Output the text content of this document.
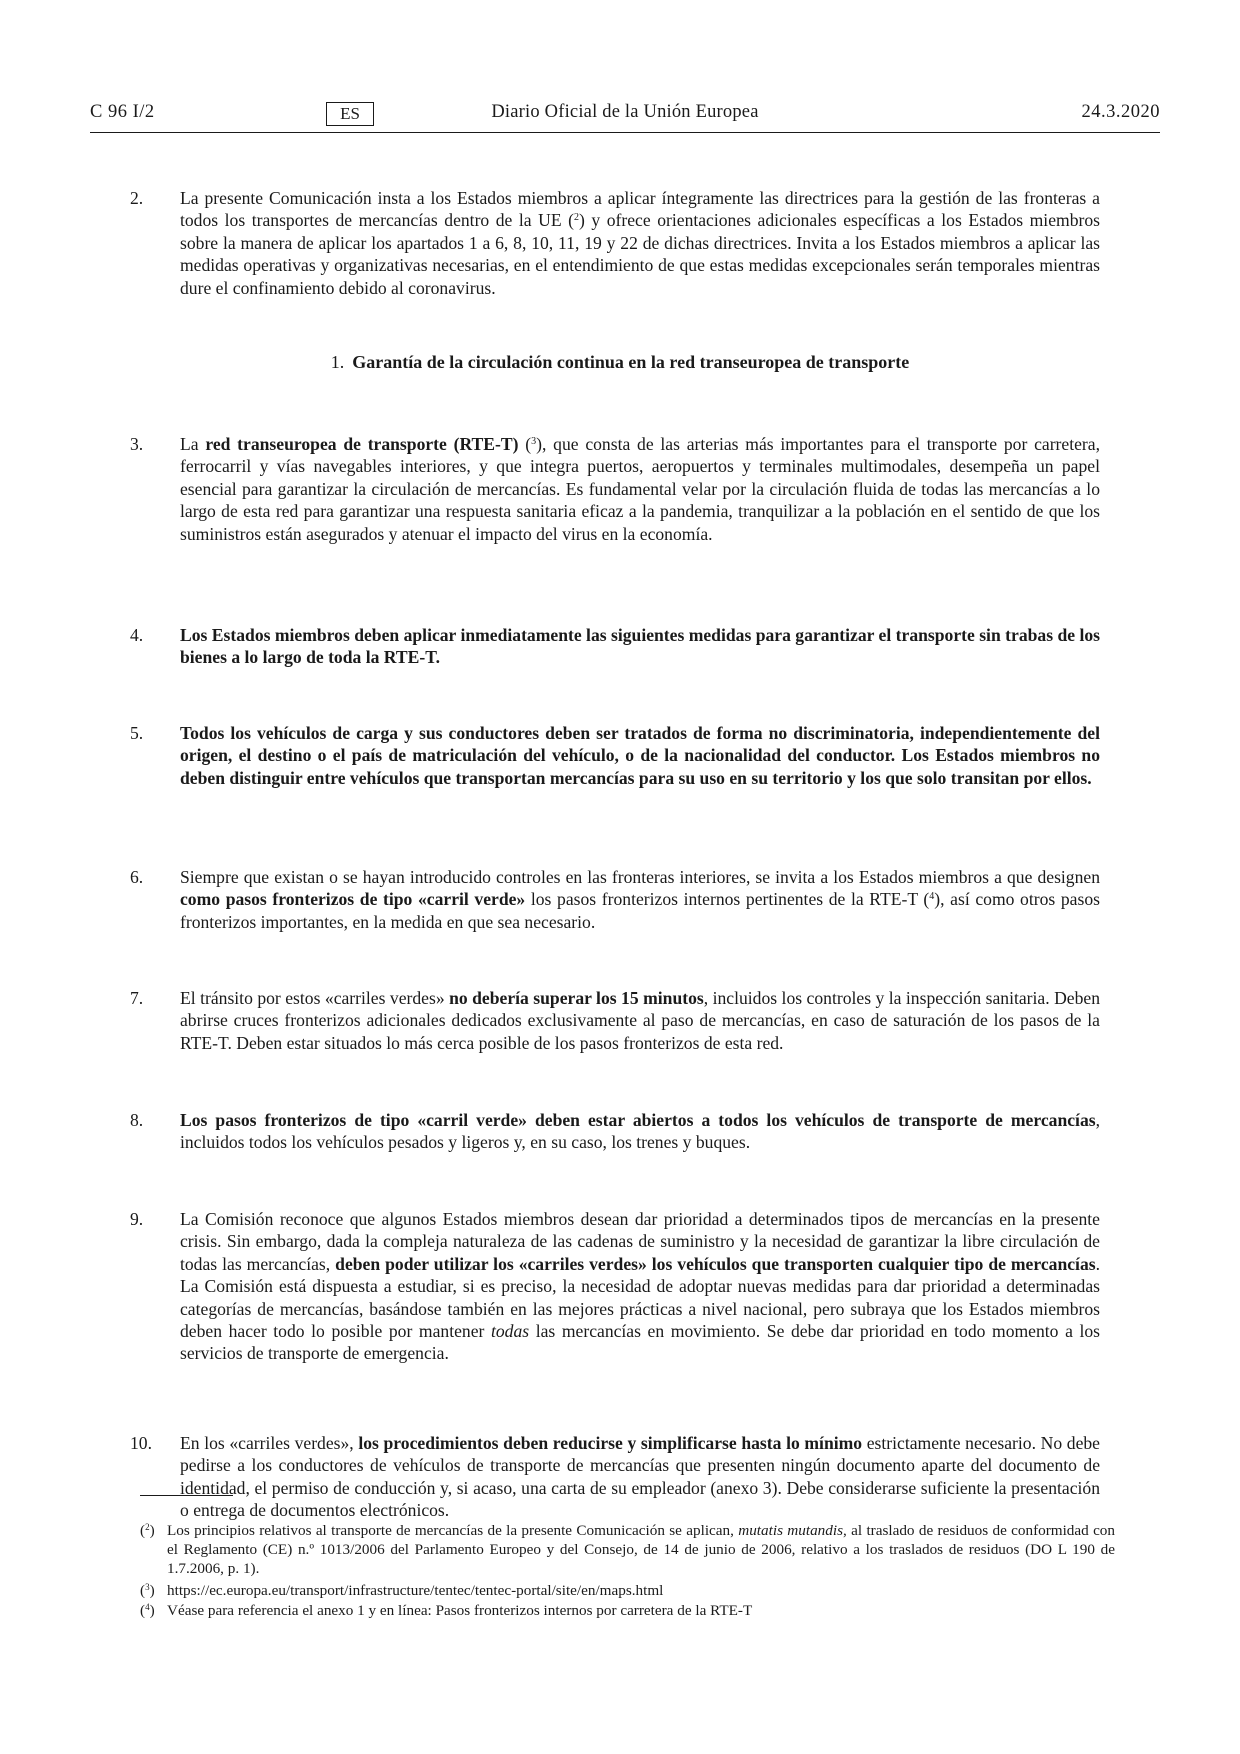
Diario Oficial de la Unión Europea
C 96 I/2	ES	24.3.2020
2.	La presente Comunicación insta a los Estados miembros a aplicar íntegramente las directrices para la gestión de las fronteras a todos los transportes de mercancías dentro de la UE ($^2$) y ofrece orientaciones adicionales específicas a los Estados miembros sobre la manera de aplicar los apartados 1 a 6, 8, 10, 11, 19 y 22 de dichas directrices. Invita a los Estados miembros a aplicar las medidas operativas y organizativas necesarias, en el entendimiento de que estas medidas excepcionales serán temporales mientras dure el confinamiento debido al coronavirus.
1. Garantía de la circulación continua en la red transeuropea de transporte
3.	La red transeuropea de transporte (RTE-T) ($^3$), que consta de las arterias más importantes para el transporte por carretera, ferrocarril y vías navegables interiores, y que integra puertos, aeropuertos y terminales multimodales, desempeña un papel esencial para garantizar la circulación de mercancías. Es fundamental velar por la circulación fluida de todas las mercancías a lo largo de esta red para garantizar una respuesta sanitaria eficaz a la pandemia, tranquilizar a la población en el sentido de que los suministros están asegurados y atenuar el impacto del virus en la economía.
4.	Los Estados miembros deben aplicar inmediatamente las siguientes medidas para garantizar el transporte sin trabas de los bienes a lo largo de toda la RTE-T.
5.	Todos los vehículos de carga y sus conductores deben ser tratados de forma no discriminatoria, independientemente del origen, el destino o el país de matriculación del vehículo, o de la nacionalidad del conductor. Los Estados miembros no deben distinguir entre vehículos que transportan mercancías para su uso en su territorio y los que solo transitan por ellos.
6.	Siempre que existan o se hayan introducido controles en las fronteras interiores, se invita a los Estados miembros a que designen como pasos fronterizos de tipo «carril verde» los pasos fronterizos internos pertinentes de la RTE-T ($^4$), así como otros pasos fronterizos importantes, en la medida en que sea necesario.
7.	El tránsito por estos «carriles verdes» no debería superar los 15 minutos, incluidos los controles y la inspección sanitaria. Deben abrirse cruces fronterizos adicionales dedicados exclusivamente al paso de mercancías, en caso de saturación de los pasos de la RTE-T. Deben estar situados lo más cerca posible de los pasos fronterizos de esta red.
8.	Los pasos fronterizos de tipo «carril verde» deben estar abiertos a todos los vehículos de transporte de mercancías, incluidos todos los vehículos pesados y ligeros y, en su caso, los trenes y buques.
9.	La Comisión reconoce que algunos Estados miembros desean dar prioridad a determinados tipos de mercancías en la presente crisis. Sin embargo, dada la compleja naturaleza de las cadenas de suministro y la necesidad de garantizar la libre circulación de todas las mercancías, deben poder utilizar los «carriles verdes» los vehículos que transporten cualquier tipo de mercancías. La Comisión está dispuesta a estudiar, si es preciso, la necesidad de adoptar nuevas medidas para dar prioridad a determinadas categorías de mercancías, basándose también en las mejores prácticas a nivel nacional, pero subraya que los Estados miembros deben hacer todo lo posible por mantener todas las mercancías en movimiento. Se debe dar prioridad en todo momento a los servicios de transporte de emergencia.
10.	En los «carriles verdes», los procedimientos deben reducirse y simplificarse hasta lo mínimo estrictamente necesario. No debe pedirse a los conductores de vehículos de transporte de mercancías que presenten ningún documento aparte del documento de identidad, el permiso de conducción y, si acaso, una carta de su empleador (anexo 3). Debe considerarse suficiente la presentación o entrega de documentos electrónicos.
($^2$) Los principios relativos al transporte de mercancías de la presente Comunicación se aplican, mutatis mutandis, al traslado de residuos de conformidad con el Reglamento (CE) n.º 1013/2006 del Parlamento Europeo y del Consejo, de 14 de junio de 2006, relativo a los traslados de residuos (DO L 190 de 1.7.2006, p. 1).
($^3$) https://ec.europa.eu/transport/infrastructure/tentec/tentec-portal/site/en/maps.html
($^4$) Véase para referencia el anexo 1 y en línea: Pasos fronterizos internos por carretera de la RTE-T
